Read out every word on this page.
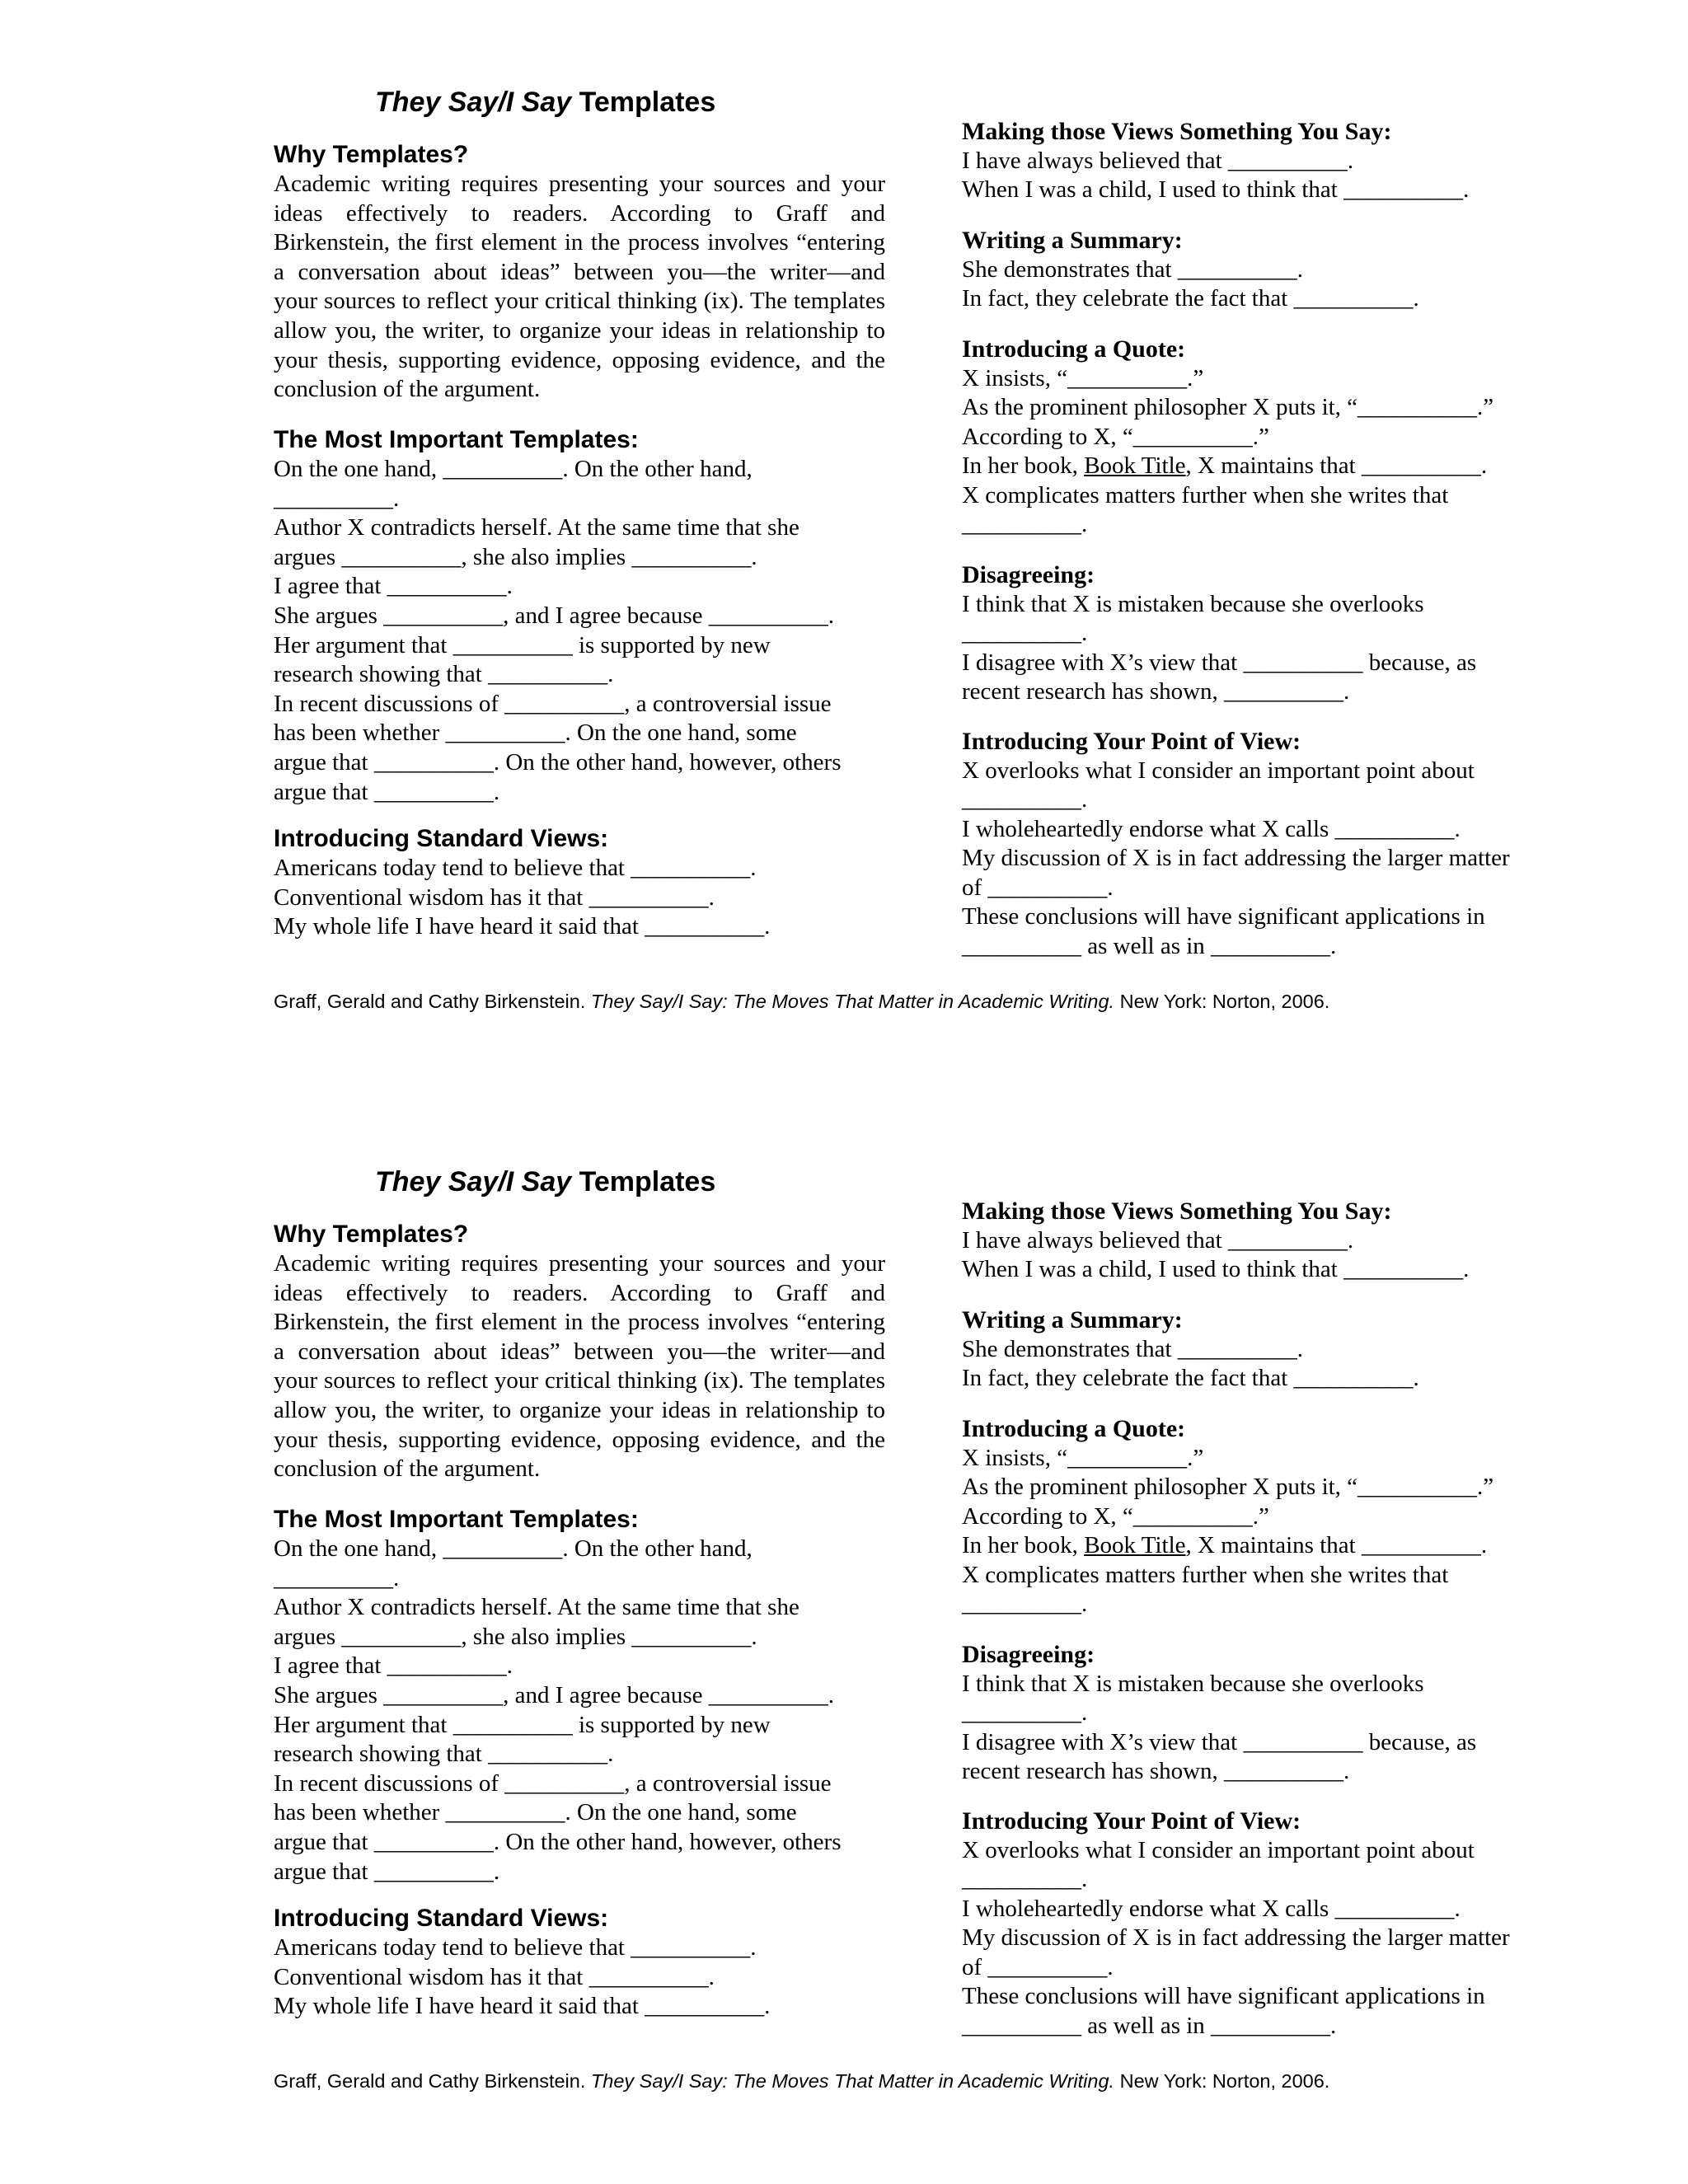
They Say/I Say Templates
Why Templates?

Academic writing requires presenting your sources and your ideas effectively to readers. According to Graff and Birkenstein, the first element in the process involves “entering a conversation about ideas” between you—the writer—and your sources to reflect your critical thinking (ix). The templates allow you, the writer, to organize your ideas in relationship to your thesis, supporting evidence, opposing evidence, and the conclusion of the argument.

The Most Important Templates:

On the one hand, __________. On the other hand,

__________.

Author X contradicts herself. At the same time that she

argues __________, she also implies __________.

I agree that __________.

She argues __________, and I agree because __________.

Her argument that __________ is supported by new

research showing that __________.

In recent discussions of __________, a controversial issue

has been whether __________. On the one hand, some

argue that __________. On the other hand, however, others

argue that __________.

Introducing Standard Views:

Americans today tend to believe that __________.

Conventional wisdom has it that __________.

My whole life I have heard it said that __________.

Making those Views Something You Say:

I have always believed that __________.

When I was a child, I used to think that __________.

Writing a Summary:

She demonstrates that __________.

In fact, they celebrate the fact that __________.

Introducing a Quote:

X insists, “__________.”

As the prominent philosopher X puts it, “__________.”

According to X, “__________.”

In her book, Book Title, X maintains that __________.

X complicates matters further when she writes that

__________.

Disagreeing:

I think that X is mistaken because she overlooks

__________.

I disagree with X’s view that __________ because, as

recent research has shown, __________.

Introducing Your Point of View:

X overlooks what I consider an important point about

__________.

I wholeheartedly endorse what X calls __________.

My discussion of X is in fact addressing the larger matter

of __________.

These conclusions will have significant applications in

__________ as well as in __________.

Graff, Gerald and Cathy Birkenstein. They Say/I Say: The Moves That Matter in Academic Writing. New York: Norton, 2006.

They Say/I Say Templates
Why Templates?

Academic writing requires presenting your sources and your ideas effectively to readers. According to Graff and Birkenstein, the first element in the process involves “entering a conversation about ideas” between you—the writer—and your sources to reflect your critical thinking (ix). The templates allow you, the writer, to organize your ideas in relationship to your thesis, supporting evidence, opposing evidence, and the conclusion of the argument.

The Most Important Templates:

On the one hand, __________. On the other hand,

__________.

Author X contradicts herself. At the same time that she

argues __________, she also implies __________.

I agree that __________.

She argues __________, and I agree because __________.

Her argument that __________ is supported by new

research showing that __________.

In recent discussions of __________, a controversial issue

has been whether __________. On the one hand, some

argue that __________. On the other hand, however, others

argue that __________.

Introducing Standard Views:

Americans today tend to believe that __________.

Conventional wisdom has it that __________.

My whole life I have heard it said that __________.

Making those Views Something You Say:

I have always believed that __________.

When I was a child, I used to think that __________.

Writing a Summary:

She demonstrates that __________.

In fact, they celebrate the fact that __________.

Introducing a Quote:

X insists, “__________.”

As the prominent philosopher X puts it, “__________.”

According to X, “__________.”

In her book, Book Title, X maintains that __________.

X complicates matters further when she writes that

__________.

Disagreeing:

I think that X is mistaken because she overlooks

__________.

I disagree with X’s view that __________ because, as

recent research has shown, __________.

Introducing Your Point of View:

X overlooks what I consider an important point about

__________.

I wholeheartedly endorse what X calls __________.

My discussion of X is in fact addressing the larger matter

of __________.

These conclusions will have significant applications in

__________ as well as in __________.

Graff, Gerald and Cathy Birkenstein. They Say/I Say: The Moves That Matter in Academic Writing. New York: Norton, 2006.
